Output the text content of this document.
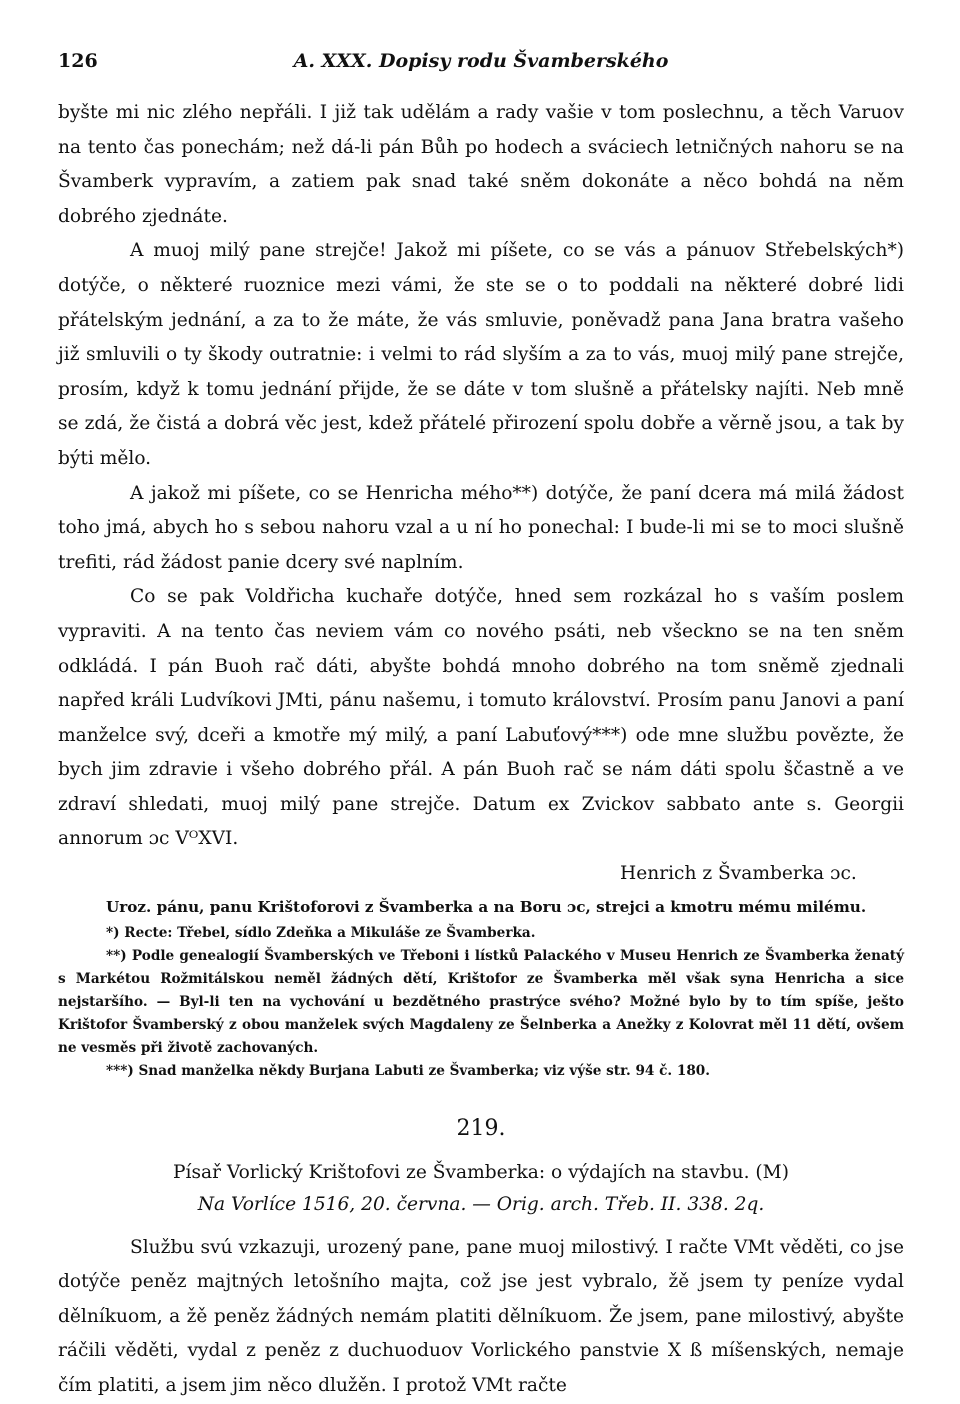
126	A. XXX. Dopisy rodu Švamberského

byšte mi nic zlého nepřáli. I již tak udělám a rady vašie v tom poslechnu, a těch Varuov na tento čas ponechám; než dá-li pán Bůh po hodech a sváciech letničných nahoru se na Švamberk vypravím, a zatiem pak snad také sněm dokonáte a něco bohdá na něm dobrého zjednáte.

A muoj milý pane strejče! Jakož mi píšete, co se vás a pánuov Střebelských*) dotýče, o některé ruoznice mezi vámi, že ste se o to poddali na některé dobré lidi přátelským jednání, a za to že máte, že vás smluvie, poněvadž pana Jana bratra vašeho již smluvili o ty škody outratnie: i velmi to rád slyším a za to vás, muoj milý pane strejče, prosím, když k tomu jednání přijde, že se dáte v tom slušně a přátelsky najíti. Neb mně se zdá, že čistá a dobrá věc jest, kdež přátelé přirození spolu dobře a věrně jsou, a tak by býti mělo.

A jakož mi píšete, co se Henricha mého**) dotýče, že paní dcera má milá žádost toho jmá, abych ho s sebou nahoru vzal a u ní ho ponechal: I bude-li mi se to moci slušně trefiti, rád žádost panie dcery své naplním.

Co se pak Voldřicha kuchaře dotýče, hned sem rozkázal ho s vaším poslem vypraviti. A na tento čas neviem vám co nového psáti, neb všeckno se na ten sněm odkládá. I pán Buoh rač dáti, abyšte bohdá mnoho dobrého na tom sněmě zjednali napřed králi Ludvíkovi JMti, pánu našemu, i tomuto království. Prosím panu Janovi a paní manželce svý, dceři a kmotře mý milý, a paní Labuťový***) ode mne službu povězte, že bych jim zdravie i všeho dobrého přál. A pán Buoh rač se nám dáti spolu ščastně a ve zdraví shledati, muoj milý pane strejče. Datum ex Zvickov sabbato ante s. Georgii annorum ɔc VᴼXVI.

Henrich z Švamberka ɔc.

Uroz. pánu, panu Krištoforovi z Švamberka a na Boru ɔc, strejci a kmotru mému milému.

*) Recte: Třebel, sídlo Zdeňka a Mikuláše ze Švamberka.

**) Podle genealogií Švamberských ve Třeboni i lístků Palackého v Museu Henrich ze Švamberka ženatý s Markétou Rožmitálskou neměl žádných dětí, Krištofor ze Švamberka měl však syna Henricha a sice nejstaršího. — Byl-li ten na vychování u bezdětného prastrýce svého? Možné bylo by to tím spíše, ješto Krištofor Švamberský z obou manželek svých Magdaleny ze Šelnberka a Anežky z Kolovrat měl 11 dětí, ovšem ne vesměs při životě zachovaných.

***) Snad manželka někdy Burjana Labuti ze Švamberka; viz výše str. 94 č. 180.

219.
Písař Vorlický Krištofovi ze Švamberka: o výdajích na stavbu. (M)
Na Vorlíce 1516, 20. června. — Orig. arch. Třeb. II. 338. 2q.

Službu svú vzkazuji, urozený pane, pane muoj milostivý. I račte VMt věděti, co jse dotýče peněz majtných letošního majta, což jse jest vybralo, žě jsem ty peníze vydal dělníkuom, a žě peněz žádných nemám platiti dělníkuom. Že jsem, pane milostivý, abyšte ráčili věděti, vydal z peněz z duchuoduov Vorlického panstvie X ß míšenských, nemaje čím platiti, a jsem jim něco dlužěn. I protož VMt račte
